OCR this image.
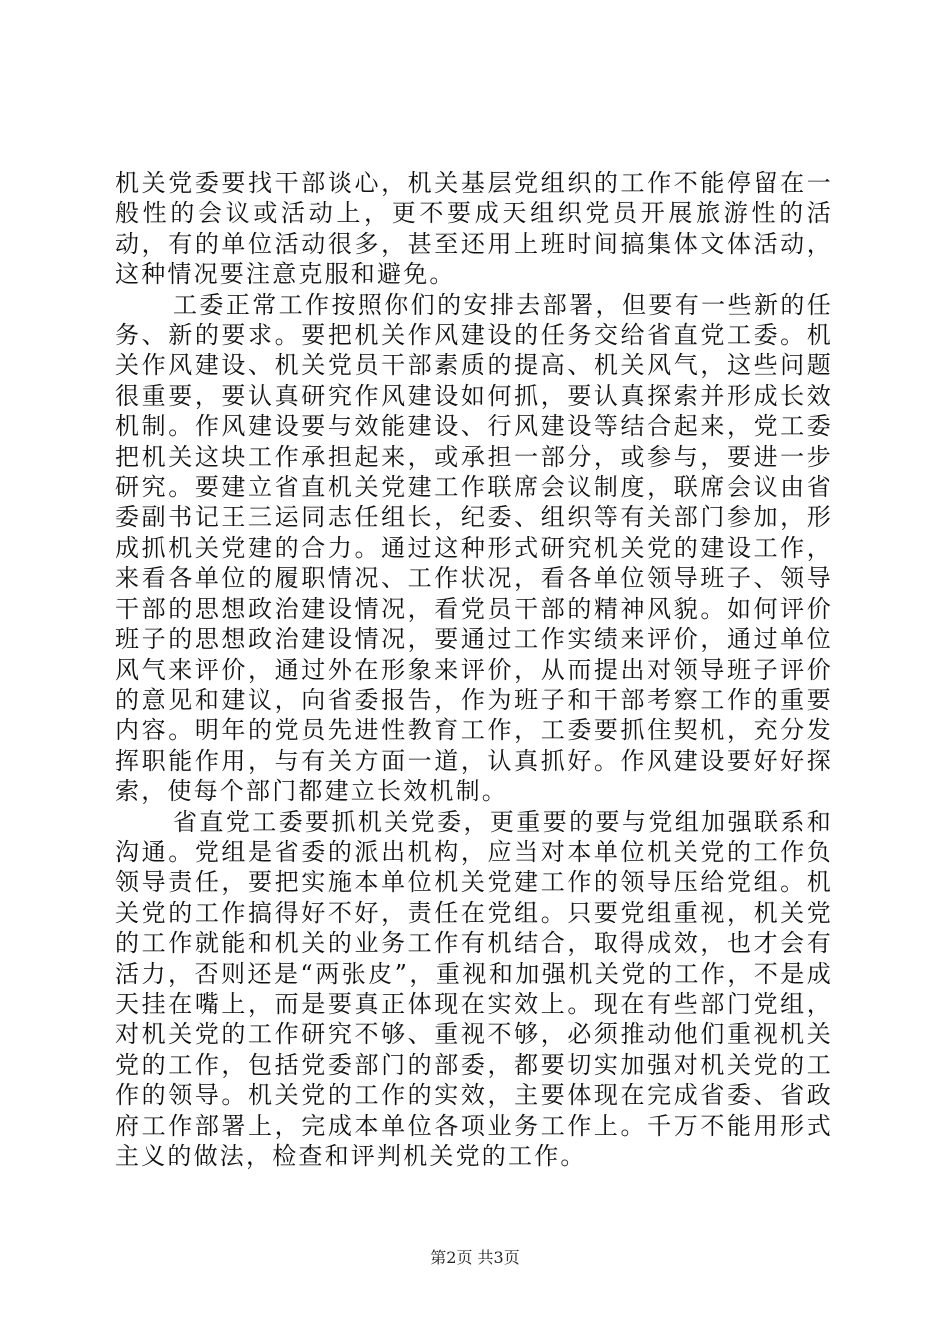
机关党委要找干部谈心，机关基层党组织的工作不能停留在一般性的会议或活动上，更不要成天组织党员开展旅游性的活动，有的单位活动很多，甚至还用上班时间搞集体文体活动，这种情况要注意克服和避免。

工委正常工作按照你们的安排去部署，但要有一些新的任务、新的要求。要把机关作风建设的任务交给省直党工委。机关作风建设、机关党员干部素质的提高、机关风气，这些问题很重要，要认真研究作风建设如何抓，要认真探索并形成长效机制。作风建设要与效能建设、行风建设等结合起来，党工委把机关这块工作承担起来，或承担一部分，或参与，要进一步研究。要建立省直机关党建工作联席会议制度，联席会议由省委副书记王三运同志任组长，纪委、组织等有关部门参加，形成抓机关党建的合力。通过这种形式研究机关党的建设工作，来看各单位的履职情况、工作状况，看各单位领导班子、领导干部的思想政治建设情况，看党员干部的精神风貌。如何评价班子的思想政治建设情况，要通过工作实绩来评价，通过单位风气来评价，通过外在形象来评价，从而提出对领导班子评价的意见和建议，向省委报告，作为班子和干部考察工作的重要内容。明年的党员先进性教育工作，工委要抓住契机，充分发挥职能作用，与有关方面一道，认真抓好。作风建设要好好探索，使每个部门都建立长效机制。

省直党工委要抓机关党委，更重要的要与党组加强联系和沟通。党组是省委的派出机构，应当对本单位机关党的工作负领导责任，要把实施本单位机关党建工作的领导压给党组。机关党的工作搞得好不好，责任在党组。只要党组重视，机关党的工作就能和机关的业务工作有机结合，取得成效，也才会有活力，否则还是“两张皮”，重视和加强机关党的工作，不是成天挂在嘴上，而是要真正体现在实效上。现在有些部门党组，对机关党的工作研究不够、重视不够，必须推动他们重视机关党的工作，包括党委部门的部委，都要切实加强对机关党的工作的领导。机关党的工作的实效，主要体现在完成省委、省政府工作部署上，完成本单位各项业务工作上。千万不能用形式主义的做法，检查和评判机关党的工作。

第2页 共3页
